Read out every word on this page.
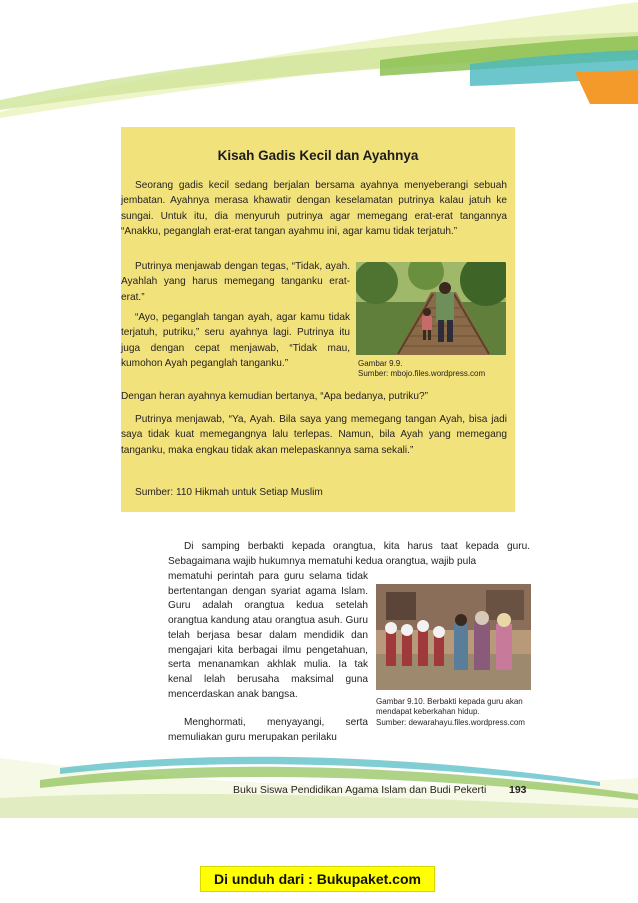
Kisah Gadis Kecil dan Ayahnya
Seorang gadis kecil sedang berjalan bersama ayahnya menyeberangi sebuah jembatan. Ayahnya merasa khawatir dengan keselamatan putrinya kalau jatuh ke sungai. Untuk itu, dia menyuruh putrinya agar memegang erat-erat tangannya “Anakku, peganglah erat-erat tangan ayahmu ini, agar kamu tidak terjatuh.”
Putrinya menjawab dengan tegas, “Tidak, ayah. Ayahlah yang harus memegang tanganku erat-erat.”
“Ayo, peganglah tangan ayah, agar kamu tidak terjatuh, putriku,” seru ayahnya lagi. Putrinya itu juga dengan cepat menjawab, “Tidak mau, kumohon Ayah peganglah tanganku.”
Dengan heran ayahnya kemudian bertanya, “Apa bedanya, putriku?”
Putrinya menjawab, “Ya, Ayah. Bila saya yang memegang tangan Ayah, bisa jadi saya tidak kuat memegangnya lalu terlepas. Namun, bila Ayah yang memegang tanganku, maka engkau tidak akan melepaskannya sama sekali.”
Sumber: 110 Hikmah untuk Setiap Muslim
Gambar 9.9.
Sumber: mbojo.files.wordpress.com
Di samping berbakti kepada orangtua, kita harus taat kepada guru. Sebagaimana wajib hukumnya mematuhi kedua orangtua, wajib pula
mematuhi perintah para guru selama tidak bertentangan dengan syariat agama Islam. Guru adalah orangtua kedua setelah orangtua kandung atau orangtua asuh. Guru telah berjasa besar dalam mendidik dan mengajari kita berbagai ilmu pengetahuan, serta menanamkan akhlak mulia. Ia tak kenal lelah berusaha maksimal guna mencerdaskan anak bangsa.
Menghormati, menyayangi, serta memuliakan guru merupakan perilaku
Gambar 9.10. Berbakti kepada guru akan mendapat keberkahan hidup.
Sumber: dewarahayu.files.wordpress.com
Buku Siswa Pendidikan Agama Islam dan Budi Pekerti 193
Di unduh dari : Bukupaket.com
